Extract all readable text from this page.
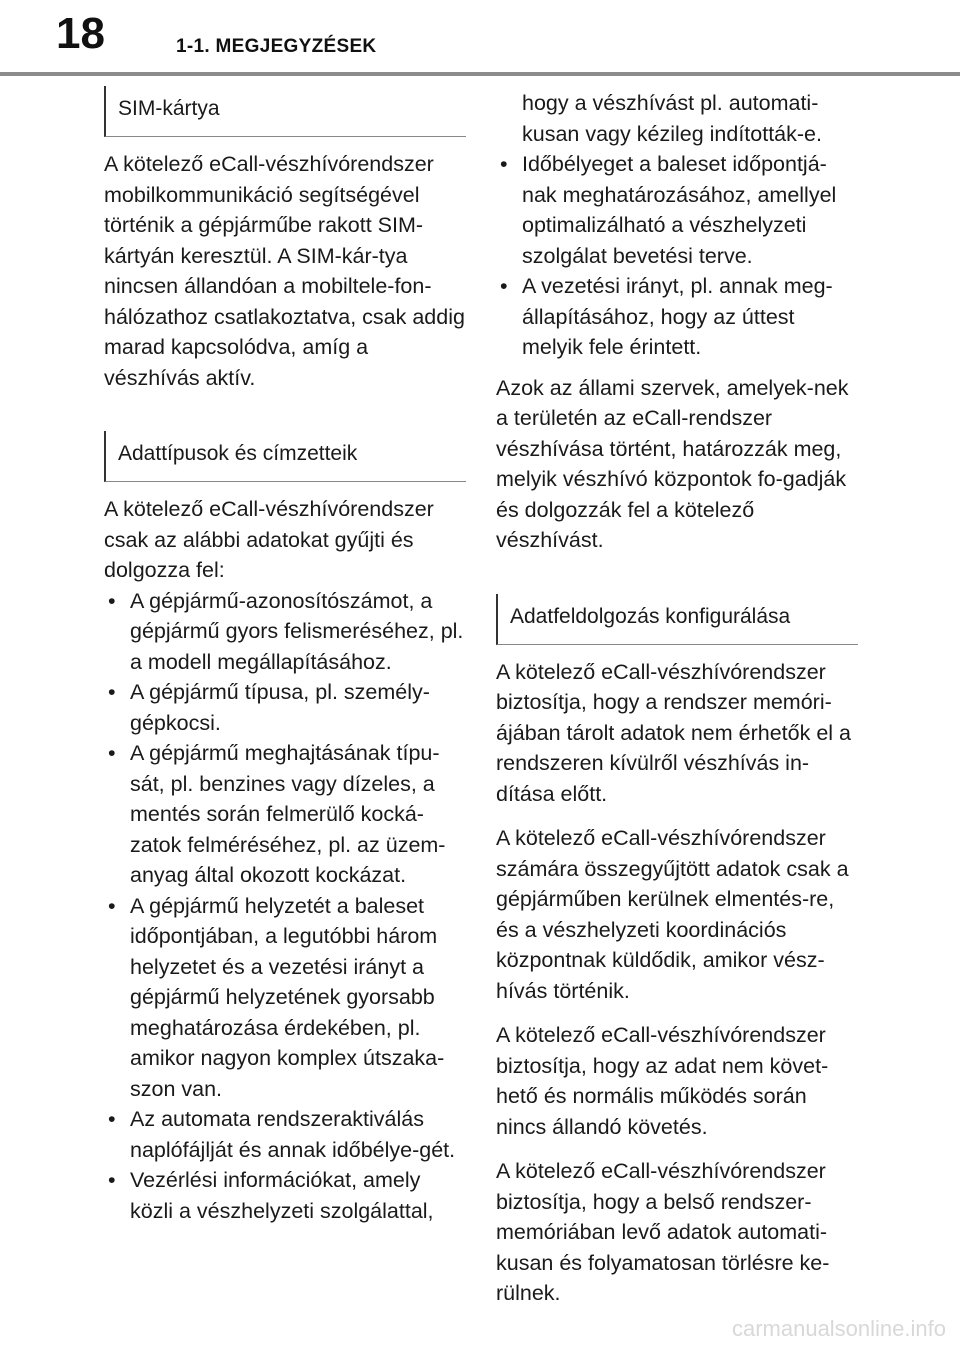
18	1-1. MEGJEGYZÉSEK
SIM-kártya

A kötelező eCall-vészhívórendszer mobilkommunikáció segítségével történik a gépjárműbe rakott SIM-kártyán keresztül. A SIM-kár-tya nincsen állandóan a mobiltele-fon-hálózathoz csatlakoztatva, csak addig marad kapcsolódva, amíg a vészhívás aktív.

Adattípusok és címzetteik

A kötelező eCall-vészhívórendszer csak az alábbi adatokat gyűjti és dolgozza fel:

• A gépjármű-azonosítószámot, a gépjármű gyors felismeréséhez, pl. a modell megállapításához.
• A gépjármű típusa, pl. személy-gépkocsi.
• A gépjármű meghajtásának típu-sát, pl. benzines vagy dízeles, a mentés során felmerülő kocká-zatok felméréséhez, pl. az üzem-anyag által okozott kockázat.
• A gépjármű helyzetét a baleset időpontjában, a legutóbbi három helyzetet és a vezetési irányt a gépjármű helyzetének gyorsabb meghatározása érdekében, pl. amikor nagyon komplex útszaka-szon van.
• Az automata rendszeraktiválás naplófájlját és annak időbélye-gét.
• Vezérlési információkat, amely közli a vészhelyzeti szolgálattal,
hogy a vészhívást pl. automati-kusan vagy kézileg indították-e.
• Időbélyeget a baleset időpontjá-nak meghatározásához, amellyel optimalizálható a vészhelyzeti szolgálat bevetési terve.
• A vezetési irányt, pl. annak meg-állapításához, hogy az úttest melyik fele érintett.

Azok az állami szervek, amelyek-nek a területén az eCall-rendszer vészhívása történt, határozzák meg, melyik vészhívó központok fo-gadják és dolgozzák fel a kötelező vészhívást.

Adatfeldolgozás konfigurálása

A kötelező eCall-vészhívórendszer biztosítja, hogy a rendszer memóri-ájában tárolt adatok nem érhetők el a rendszeren kívülről vészhívás in-dítása előtt.

A kötelező eCall-vészhívórendszer számára összegyűjtött adatok csak a gépjárműben kerülnek elmentés-re, és a vészhelyzeti koordinációs központnak küldődik, amikor vész-hívás történik.

A kötelező eCall-vészhívórendszer biztosítja, hogy az adat nem követ-hető és normális működés során nincs állandó követés.

A kötelező eCall-vészhívórendszer biztosítja, hogy a belső rendszer-memóriában levő adatok automati-kusan és folyamatosan törlésre ke-rülnek.

carmanualsonline.info
